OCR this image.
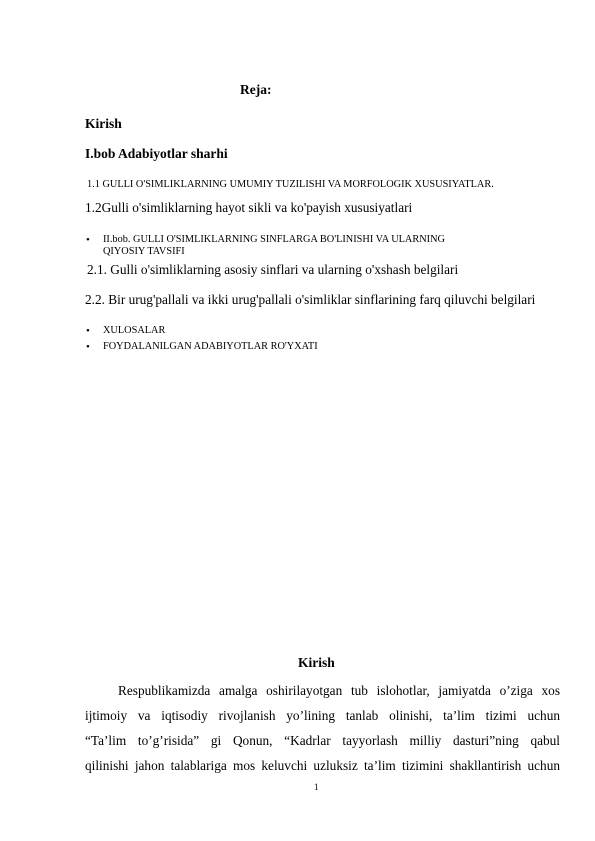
Reja:
Kirish
I.bob Adabiyotlar sharhi
1.1 GULLI O'SIMLIKLARNING UMUMIY TUZILISHI VA MORFOLOGIK XUSUSIYATLAR.
1.2Gulli o'simliklarning hayot sikli va ko'payish xususiyatlari
• II.bob. GULLI O'SIMLIKLARNING SINFLARGA BO'LINISHI VA ULARNING
QIYOSIY TAVSIFI
2.1. Gulli o'simliklarning asosiy sinflari va ularning o'xshash belgilari
2.2. Bir urug'pallali va ikki urug'pallali o'simliklar sinflarining farq qiluvchi belgilari
• XULOSALAR
• FOYDALANILGAN ADABIYOTLAR RO'YXATI
Kirish
Respublikamizda amalga oshirilayotgan tub islohotlar, jamiyatda o’ziga xos
ijtimoiy va iqtisodiy rivojlanish yo’lining tanlab olinishi, ta’lim tizimi uchun
“Ta’lim to’g’risida” gi Qonun, “Kadrlar tayyorlash milliy dasturi”ning qabul
qilinishi jahon talablariga mos keluvchi uzluksiz ta’lim tizimini shakllantirish uchun
1
